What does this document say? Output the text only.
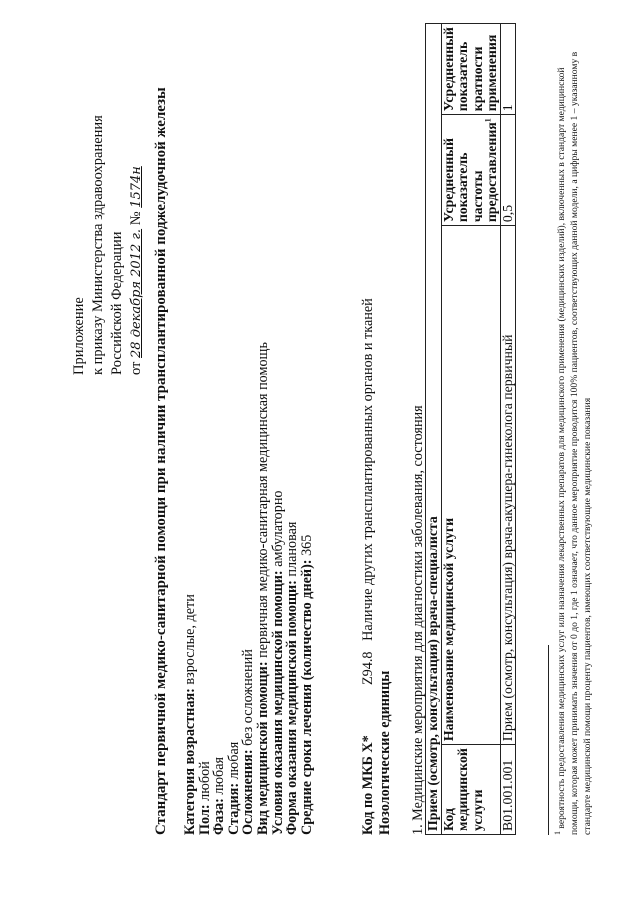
Приложение к приказу Министерства здравоохранения Российской Федерации от 28 декабря 2012 г. № 1574н Стандарт первичной медико-санитарной помощи при наличии трансплантированной поджелудочной железы Категория возрастная: взрослые, дети
Пол: любой
Фаза: любая
Стадия: любая
Осложнения: без осложнений
Вид медицинской помощи: первичная медико-санитарная медицинская помощь
Условия оказания медицинской помощи: амбулаторно
Форма оказания медицинской помощи: плановая
Средние сроки лечения (количество дней): 365
Код по МКБ X*Z94.8   Наличие других трансплантированных органов и тканей
Нозологические единицы 1. Медицинские мероприятия для диагностики заболевания, состояния Прием (осмотр, консультация) врача-специалиста			
Код медицинской услуги	Наименование медицинской услуги	Усредненный показатель частоты предоставления$^1$	Усредненный показатель кратности применения
B01.001.001	Прием (осмотр, консультация) врача-акушера-гинеколога первичный	0,5	1
$^1$ вероятность предоставления медицинских услуг или назначения лекарственных препаратов для медицинского применения (медицинских изделий), включенных в стандарт медицинской помощи, которая может принимать значения от 0 до 1, где 1 означает, что данное мероприятие проводится 100% пациентов, соответствующих данной модели, а цифры менее 1 – указанному в стандарте медицинской помощи проценту пациентов, имеющих соответствующие медицинские показания
